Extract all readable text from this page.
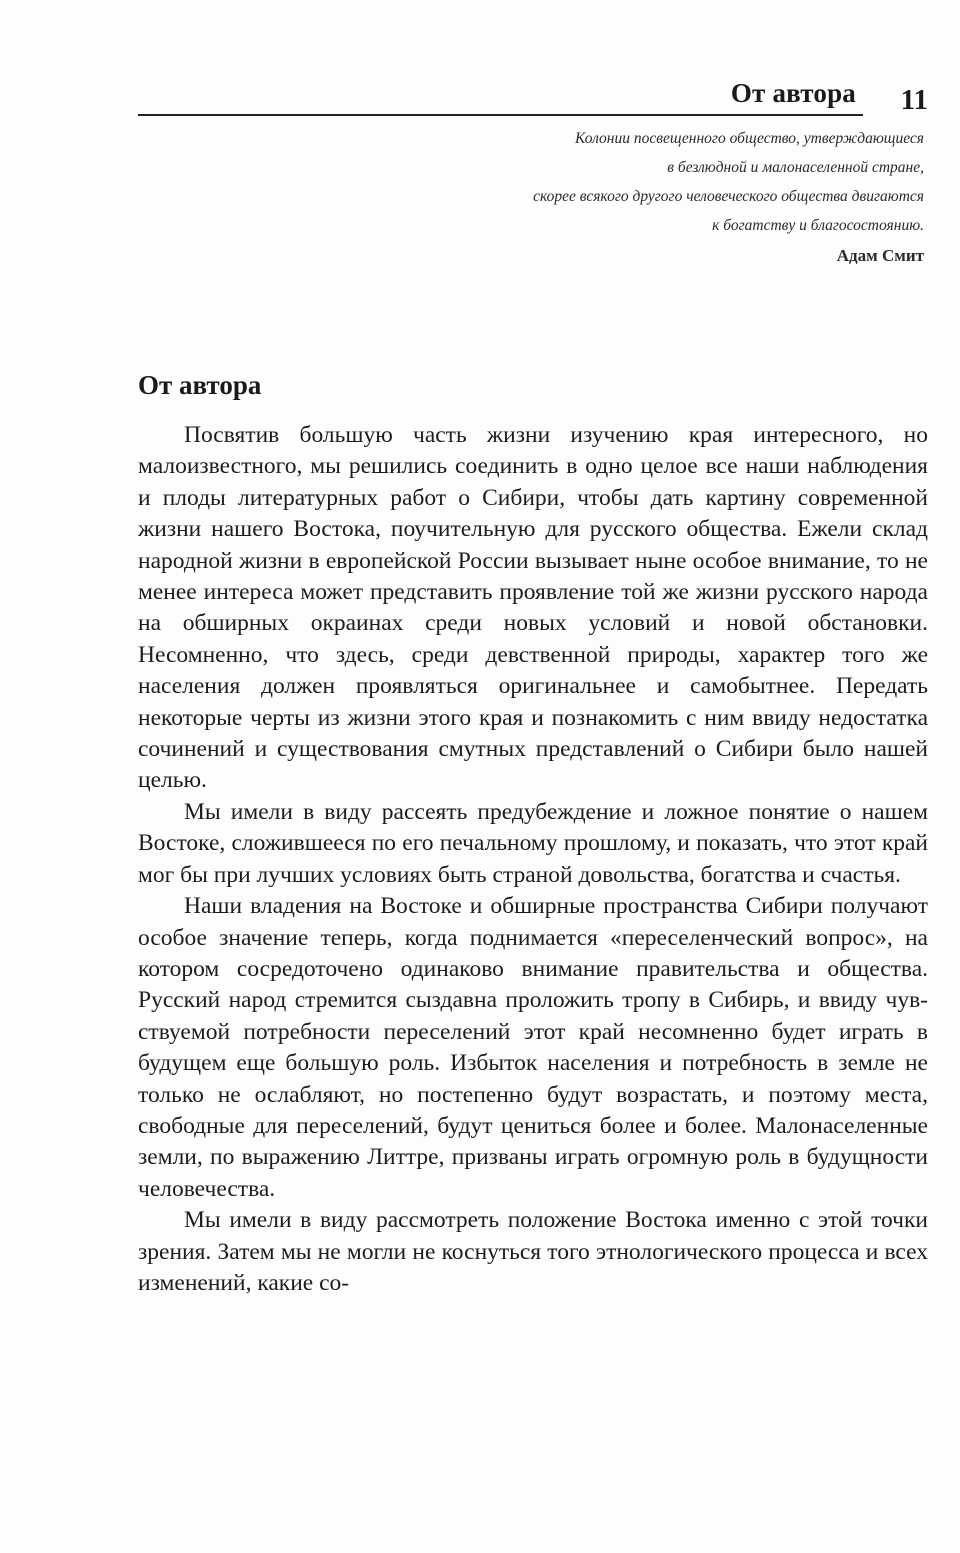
От автора 11
Колонии посвещенного общество, утверждающиеся
в безлюдной и малонаселенной стране,
скорее всякого другого человеческого общества двигаются
к богатству и благосостоянию.
Адам Смит
От автора

Посвятив большую часть жизни изучению края интересного, но малоизвестного, мы решились соединить в одно целое все наши наблюдения и плоды литературных работ о Сибири, чтобы дать картину современной жизни нашего Востока, поучительную для русского общества. Ежели склад народной жизни в европейской России вызывает ныне особое внимание, то не менее интереса может представить проявление той же жизни русского народа на обширных окраинах среди новых условий и новой обстановки. Несомненно, что здесь, среди девственной природы, характер того же населения должен проявляться оригинальнее и самобытнее. Передать некоторые черты из жизни этого края и познакомить с ним ввиду недостатка сочинений и существования смутных представлений о Сибири было нашей целью.

Мы имели в виду рассеять предубеждение и ложное понятие о нашем Востоке, сложившееся по его печальному прошлому, и показать, что этот край мог бы при лучших условиях быть страной довольства, богатства и счастья.

Наши владения на Востоке и обширные пространства Сибири получают особое значение теперь, когда поднимается «переселенческий вопрос», на котором сосредоточено одинаково внимание правительства и общества. Русский народ стремится сыздавна проложить тропу в Сибирь, и ввиду чувствуемой потребности переселений этот край несомненно будет играть в будущем еще большую роль. Избыток населения и потребность в земле не только не ослабляют, но постепенно будут возрастать, и поэтому места, свободные для переселений, будут цениться более и более. Малонаселенные земли, по выражению Литтре, призваны играть огромную роль в будущности человечества.

Мы имели в виду рассмотреть положение Востока именно с этой точки зрения. Затем мы не могли не коснуться того этнологического процесса и всех изменений, какие со-
